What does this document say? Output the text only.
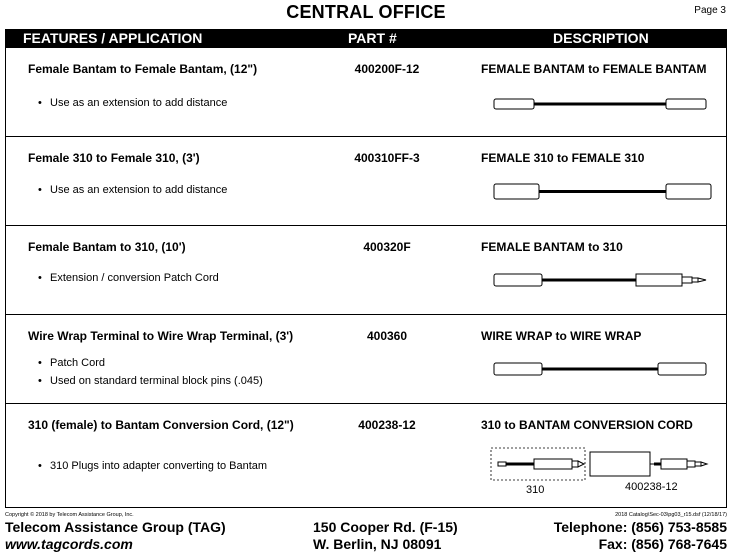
CENTRAL OFFICE	Page 3
FEATURES / APPLICATION	PART #	DESCRIPTION
Female Bantam to Female Bantam, (12")	400200F-12	FEMALE BANTAM to FEMALE BANTAM
• Use as an extension to add distance
Female 310 to Female 310, (3')	400310FF-3	FEMALE 310 to FEMALE 310
• Use as an extension to add distance
Female Bantam to 310, (10')	400320F	FEMALE BANTAM to 310
• Extension / conversion Patch Cord
Wire Wrap Terminal to Wire Wrap Terminal, (3')	400360	WIRE WRAP to WIRE WRAP
• Patch Cord
• Used on standard terminal block pins (.045)
310 (female) to Bantam Conversion Cord, (12")	400238-12	310 to BANTAM CONVERSION CORD
• 310 Plugs into adapter converting to Bantam
310	400238-12
Copyright © 2018 by Telecom Assistance Group, Inc.	2018 Catalog\Sec-03\pg03_r15.dsf (12/18/17)
Telecom Assistance Group (TAG)
www.tagcords.com
150 Cooper Rd. (F-15)
W. Berlin, NJ 08091
Telephone: (856) 753-8585
Fax: (856) 768-7645
